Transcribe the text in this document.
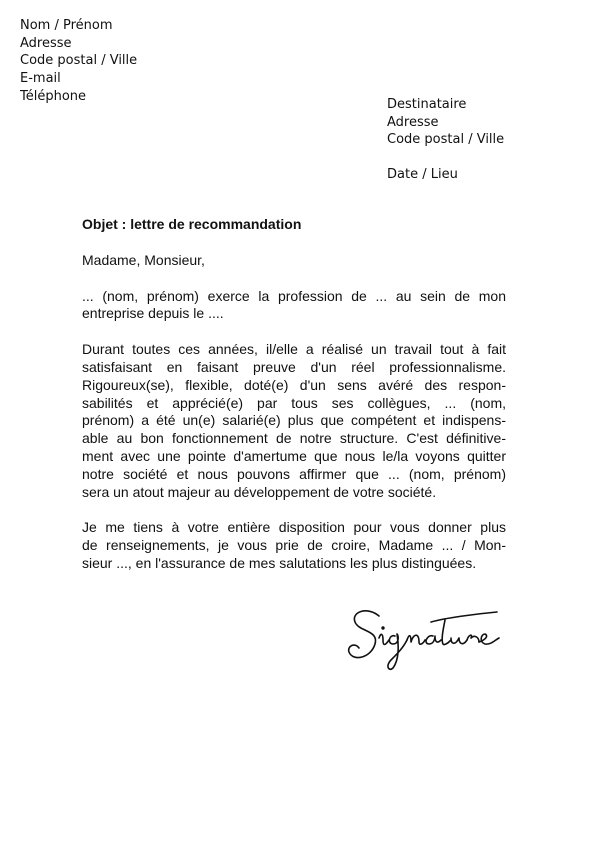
Nom / Prénom
Adresse
Code postal / Ville
E-mail
Téléphone
Destinataire
Adresse
Code postal / Ville
Date / Lieu
Objet : lettre de recommandation
Madame, Monsieur,
... (nom, prénom) exerce la profession de ... au sein de mon
entreprise depuis le ....
Durant toutes ces années, il/elle a réalisé un travail tout à fait
satisfaisant en faisant preuve d'un réel professionnalisme.
Rigoureux(se), flexible, doté(e) d'un sens avéré des respon-
sabilités et apprécié(e) par tous ses collègues, ... (nom,
prénom) a été un(e) salarié(e) plus que compétent et indispens-
able au bon fonctionnement de notre structure. C'est définitive-
ment avec une pointe d'amertume que nous le/la voyons quitter
notre société et nous pouvons affirmer que ... (nom, prénom)
sera un atout majeur au développement de votre société.
Je me tiens à votre entière disposition pour vous donner plus
de renseignements, je vous prie de croire, Madame ... / Mon-
sieur ..., en l'assurance de mes salutations les plus distinguées.
